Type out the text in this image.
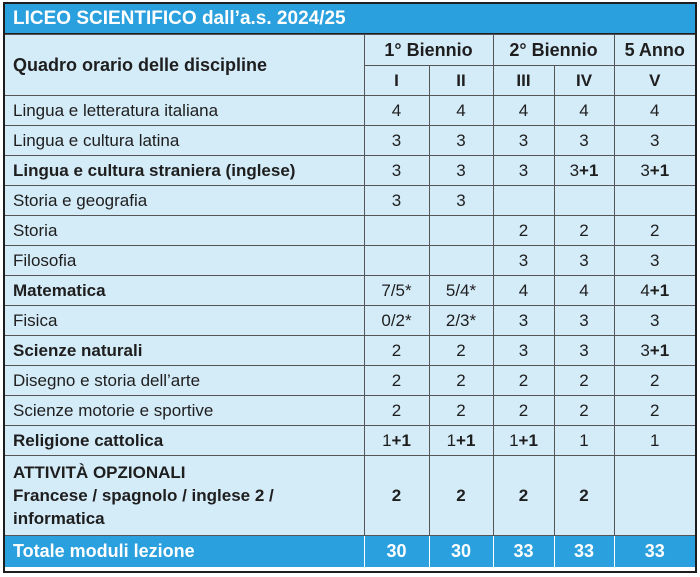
LICEO SCIENTIFICO dall’a.s. 2024/25
Quadro orario delle discipline	1° Biennio		2° Biennio		5 Anno
	I	II	III	IV	V
Lingua e letteratura italiana	4	4	4	4	4
Lingua e cultura latina	3	3	3	3	3
Lingua e cultura straniera (inglese)	3	3	3	3+1	3+1
Storia e geografia	3	3			
Storia			2	2	2
Filosofia			3	3	3
Matematica	7/5*	5/4*	4	4	4+1
Fisica	0/2*	2/3*	3	3	3
Scienze naturali	2	2	3	3	3+1
Disegno e storia dell’arte	2	2	2	2	2
Scienze motorie e sportive	2	2	2	2	2
Religione cattolica	1+1	1+1	1+1	1	1

ATTIVITÀ OPZIONALI
Francese / spagnolo / inglese 2 /
informatica	2	2	2	2	
Totale moduli lezione	30	30	33	33	33
